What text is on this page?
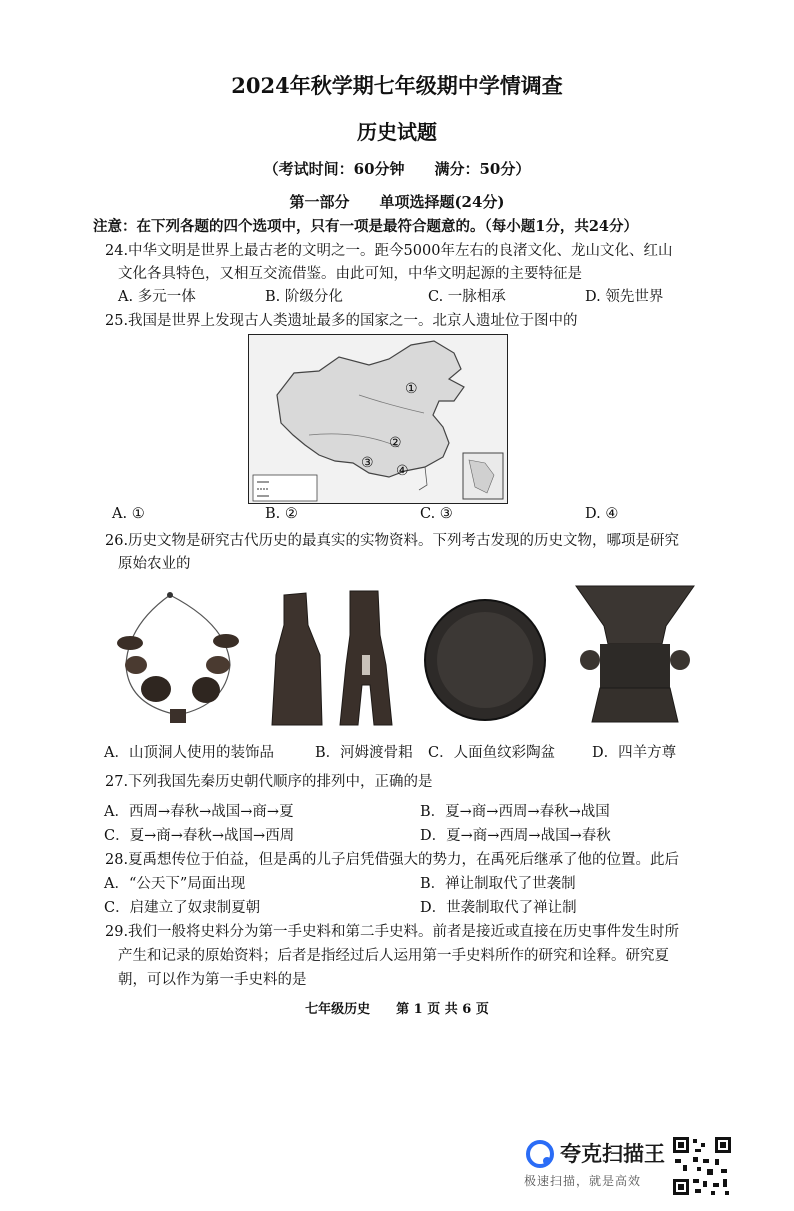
2024年秋学期七年级期中学情调查
历史试题
（考试时间：60分钟　　满分：50分）
第一部分　　单项选择题(24分)
注意：在下列各题的四个选项中，只有一项是最符合题意的。（每小题1分，共24分）
24.中华文明是世界上最古老的文明之一。距今5000年左右的良渚文化、龙山文化、红山
文化各具特色，又相互交流借鉴。由此可知，中华文明起源的主要特征是
A. 多元一体	B. 阶级分化	C. 一脉相承	D. 领先世界
25.我国是世界上发现古人类遗址最多的国家之一。北京人遗址位于图中的
①
②
③ ④
A. ①	B. ②	C. ③	D. ④
26.历史文物是研究古代历史的最真实的实物资料。下列考古发现的历史文物，哪项是研究
原始农业的
A．山顶洞人使用的装饰品	B．河姆渡骨耜 C．人面鱼纹彩陶盆	D．四羊方尊
27.下列我国先秦历史朝代顺序的排列中，正确的是
A．西周→春秋→战国→商→夏	B．夏→商→西周→春秋→战国
C．夏→商→春秋→战国→西周	D．夏→商→西周→战国→春秋
28.夏禹想传位于伯益，但是禹的儿子启凭借强大的势力，在禹死后继承了他的位置。此后
A．“公天下”局面出现	B．禅让制取代了世袭制
C．启建立了奴隶制夏朝	D．世袭制取代了禅让制
29.我们一般将史料分为第一手史料和第二手史料。前者是接近或直接在历史事件发生时所
产生和记录的原始资料；后者是指经过后人运用第一手史料所作的研究和诠释。研究夏
朝，可以作为第一手史料的是
七年级历史　　第 1 页 共 6 页
夸克扫描王
极速扫描，就是高效
